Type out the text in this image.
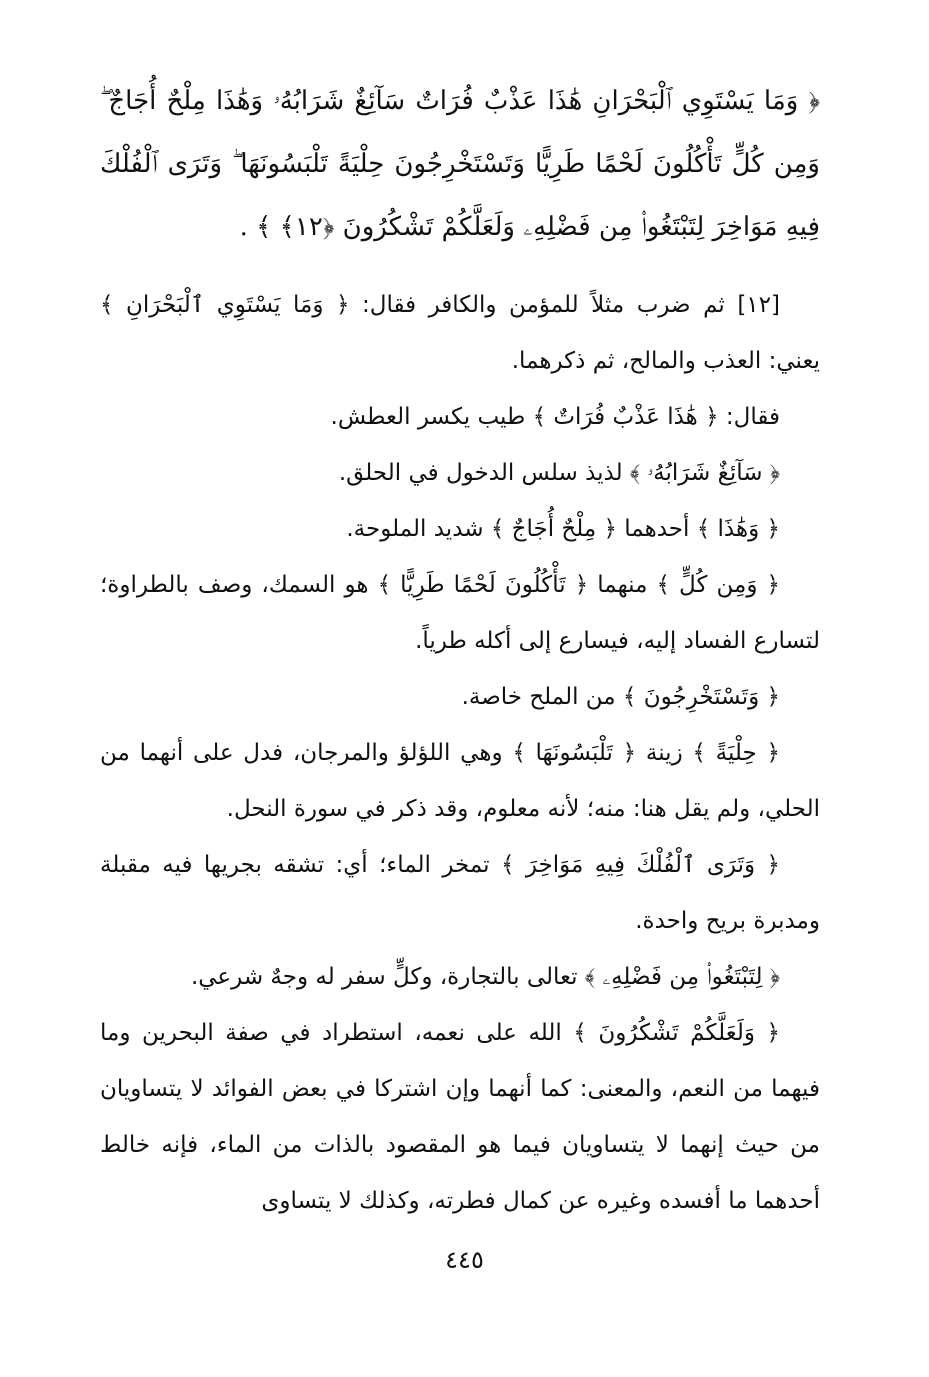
﴿ وَمَا يَسْتَوِي ٱلْبَحْرَانِ هَٰذَا عَذْبٌ فُرَاتٌ سَآئِغٌ شَرَابُهُۥ وَهَٰذَا مِلْحٌ أُجَاجٌ ۖ وَمِن كُلٍّ تَأْكُلُونَ لَحْمًا طَرِيًّا وَتَسْتَخْرِجُونَ حِلْيَةً تَلْبَسُونَهَا ۖ وَتَرَى ٱلْفُلْكَ فِيهِ مَوَاخِرَ لِتَبْتَغُوا۟ مِن فَضْلِهِۦ وَلَعَلَّكُمْ تَشْكُرُونَ ﴿١٢﴾ ﴾ .

[١٢] ثم ضرب مثلاً للمؤمن والكافر فقال: ﴿ وَمَا يَسْتَوِي ٱلْبَحْرَانِ ﴾ يعني: العذب والمالح، ثم ذكرهما.

فقال: ﴿ هَٰذَا عَذْبٌ فُرَاتٌ ﴾ طيب يكسر العطش.

﴿ سَآئِغٌ شَرَابُهُۥ ﴾ لذيذ سلس الدخول في الحلق.

﴿ وَهَٰذَا ﴾ أحدهما ﴿ مِلْحٌ أُجَاجٌ ﴾ شديد الملوحة.

﴿ وَمِن كُلٍّ ﴾ منهما ﴿ تَأْكُلُونَ لَحْمًا طَرِيًّا ﴾ هو السمك، وصف بالطراوة؛ لتسارع الفساد إليه، فيسارع إلى أكله طرياً.

﴿ وَتَسْتَخْرِجُونَ ﴾ من الملح خاصة.

﴿ حِلْيَةً ﴾ زينة ﴿ تَلْبَسُونَهَا ﴾ وهي اللؤلؤ والمرجان، فدل على أنهما من الحلي، ولم يقل هنا: منه؛ لأنه معلوم، وقد ذكر في سورة النحل.

﴿ وَتَرَى ٱلْفُلْكَ فِيهِ مَوَاخِرَ ﴾ تمخر الماء؛ أي: تشقه بجريها فيه مقبلة ومدبرة بريح واحدة.

﴿ لِتَبْتَغُوا۟ مِن فَضْلِهِۦ ﴾ تعالى بالتجارة، وكلٍّ سفر له وجهٌ شرعي.

﴿ وَلَعَلَّكُمْ تَشْكُرُونَ ﴾ الله على نعمه، استطراد في صفة البحرين وما فيهما من النعم، والمعنى: كما أنهما وإن اشتركا في بعض الفوائد لا يتساويان من حيث إنهما لا يتساويان فيما هو المقصود بالذات من الماء، فإنه خالط أحدهما ما أفسده وغيره عن كمال فطرته، وكذلك لا يتساوى

٤٤٥
